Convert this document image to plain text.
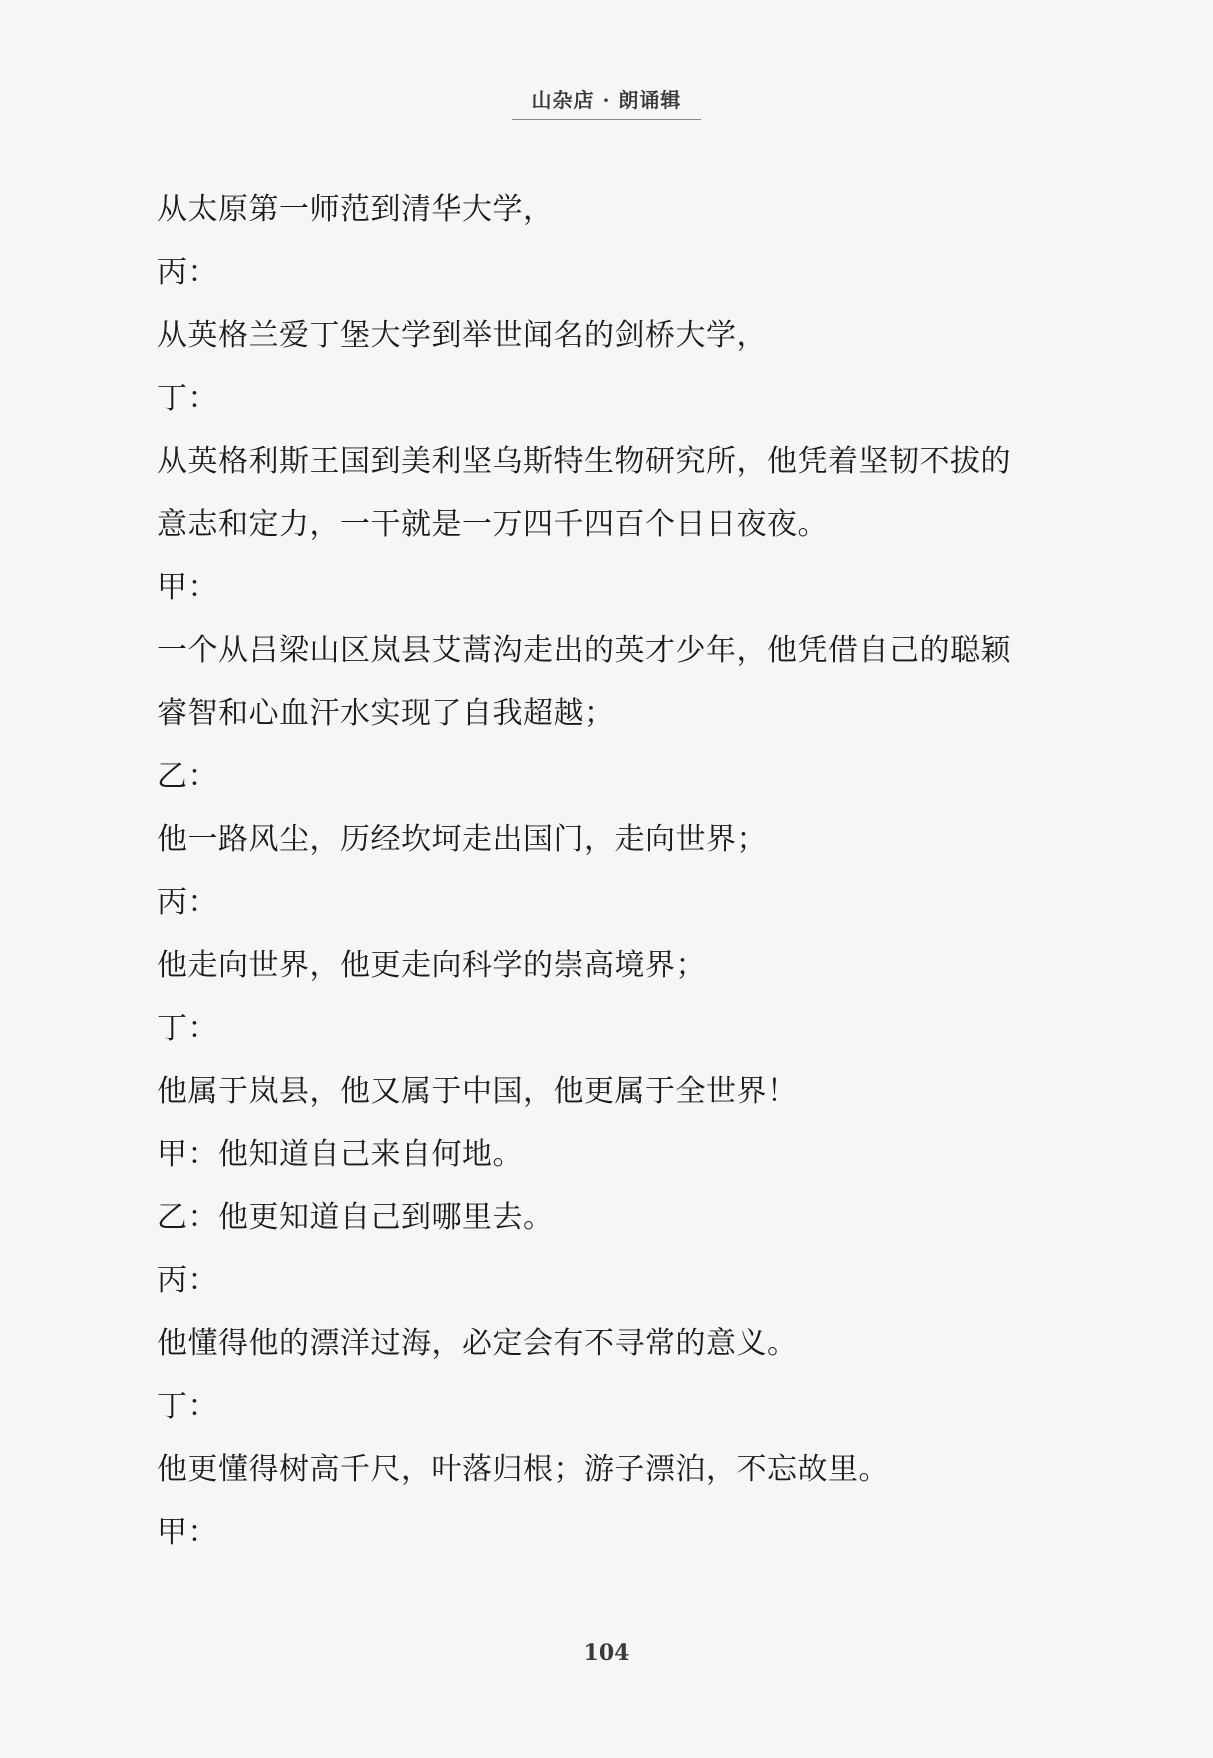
山杂店 · 朗诵辑
从太原第一师范到清华大学，
丙：
从英格兰爱丁堡大学到举世闻名的剑桥大学，
丁：
从英格利斯王国到美利坚乌斯特生物研究所，他凭着坚韧不拔的
意志和定力，一干就是一万四千四百个日日夜夜。
甲：
一个从吕梁山区岚县艾蒿沟走出的英才少年，他凭借自己的聪颖
睿智和心血汗水实现了自我超越；
乙：
他一路风尘，历经坎坷走出国门，走向世界；
丙：
他走向世界，他更走向科学的崇高境界；
丁：
他属于岚县，他又属于中国，他更属于全世界！
甲：他知道自己来自何地。
乙：他更知道自己到哪里去。
丙：
他懂得他的漂洋过海，必定会有不寻常的意义。
丁：
他更懂得树高千尺，叶落归根；游子漂泊，不忘故里。
甲：
104
